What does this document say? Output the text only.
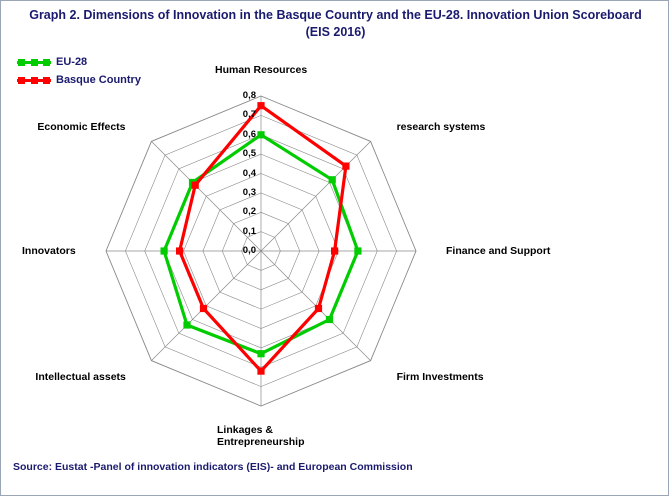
Graph 2. Dimensions of Innovation in the Basque Country and the EU-28. Innovation Union Scoreboard (EIS 2016)
EU-28
Basque Country
Human Resources
research systems
Finance and Support
Firm Investments
Linkages &
Entrepreneurship
Intellectual assets
Innovators
Economic Effects
0,8
0,7
0,6
0,5
0,4
0,3
0,2
0,1
0,0
Source: Eustat -Panel of innovation indicators (EIS)- and European Commission
